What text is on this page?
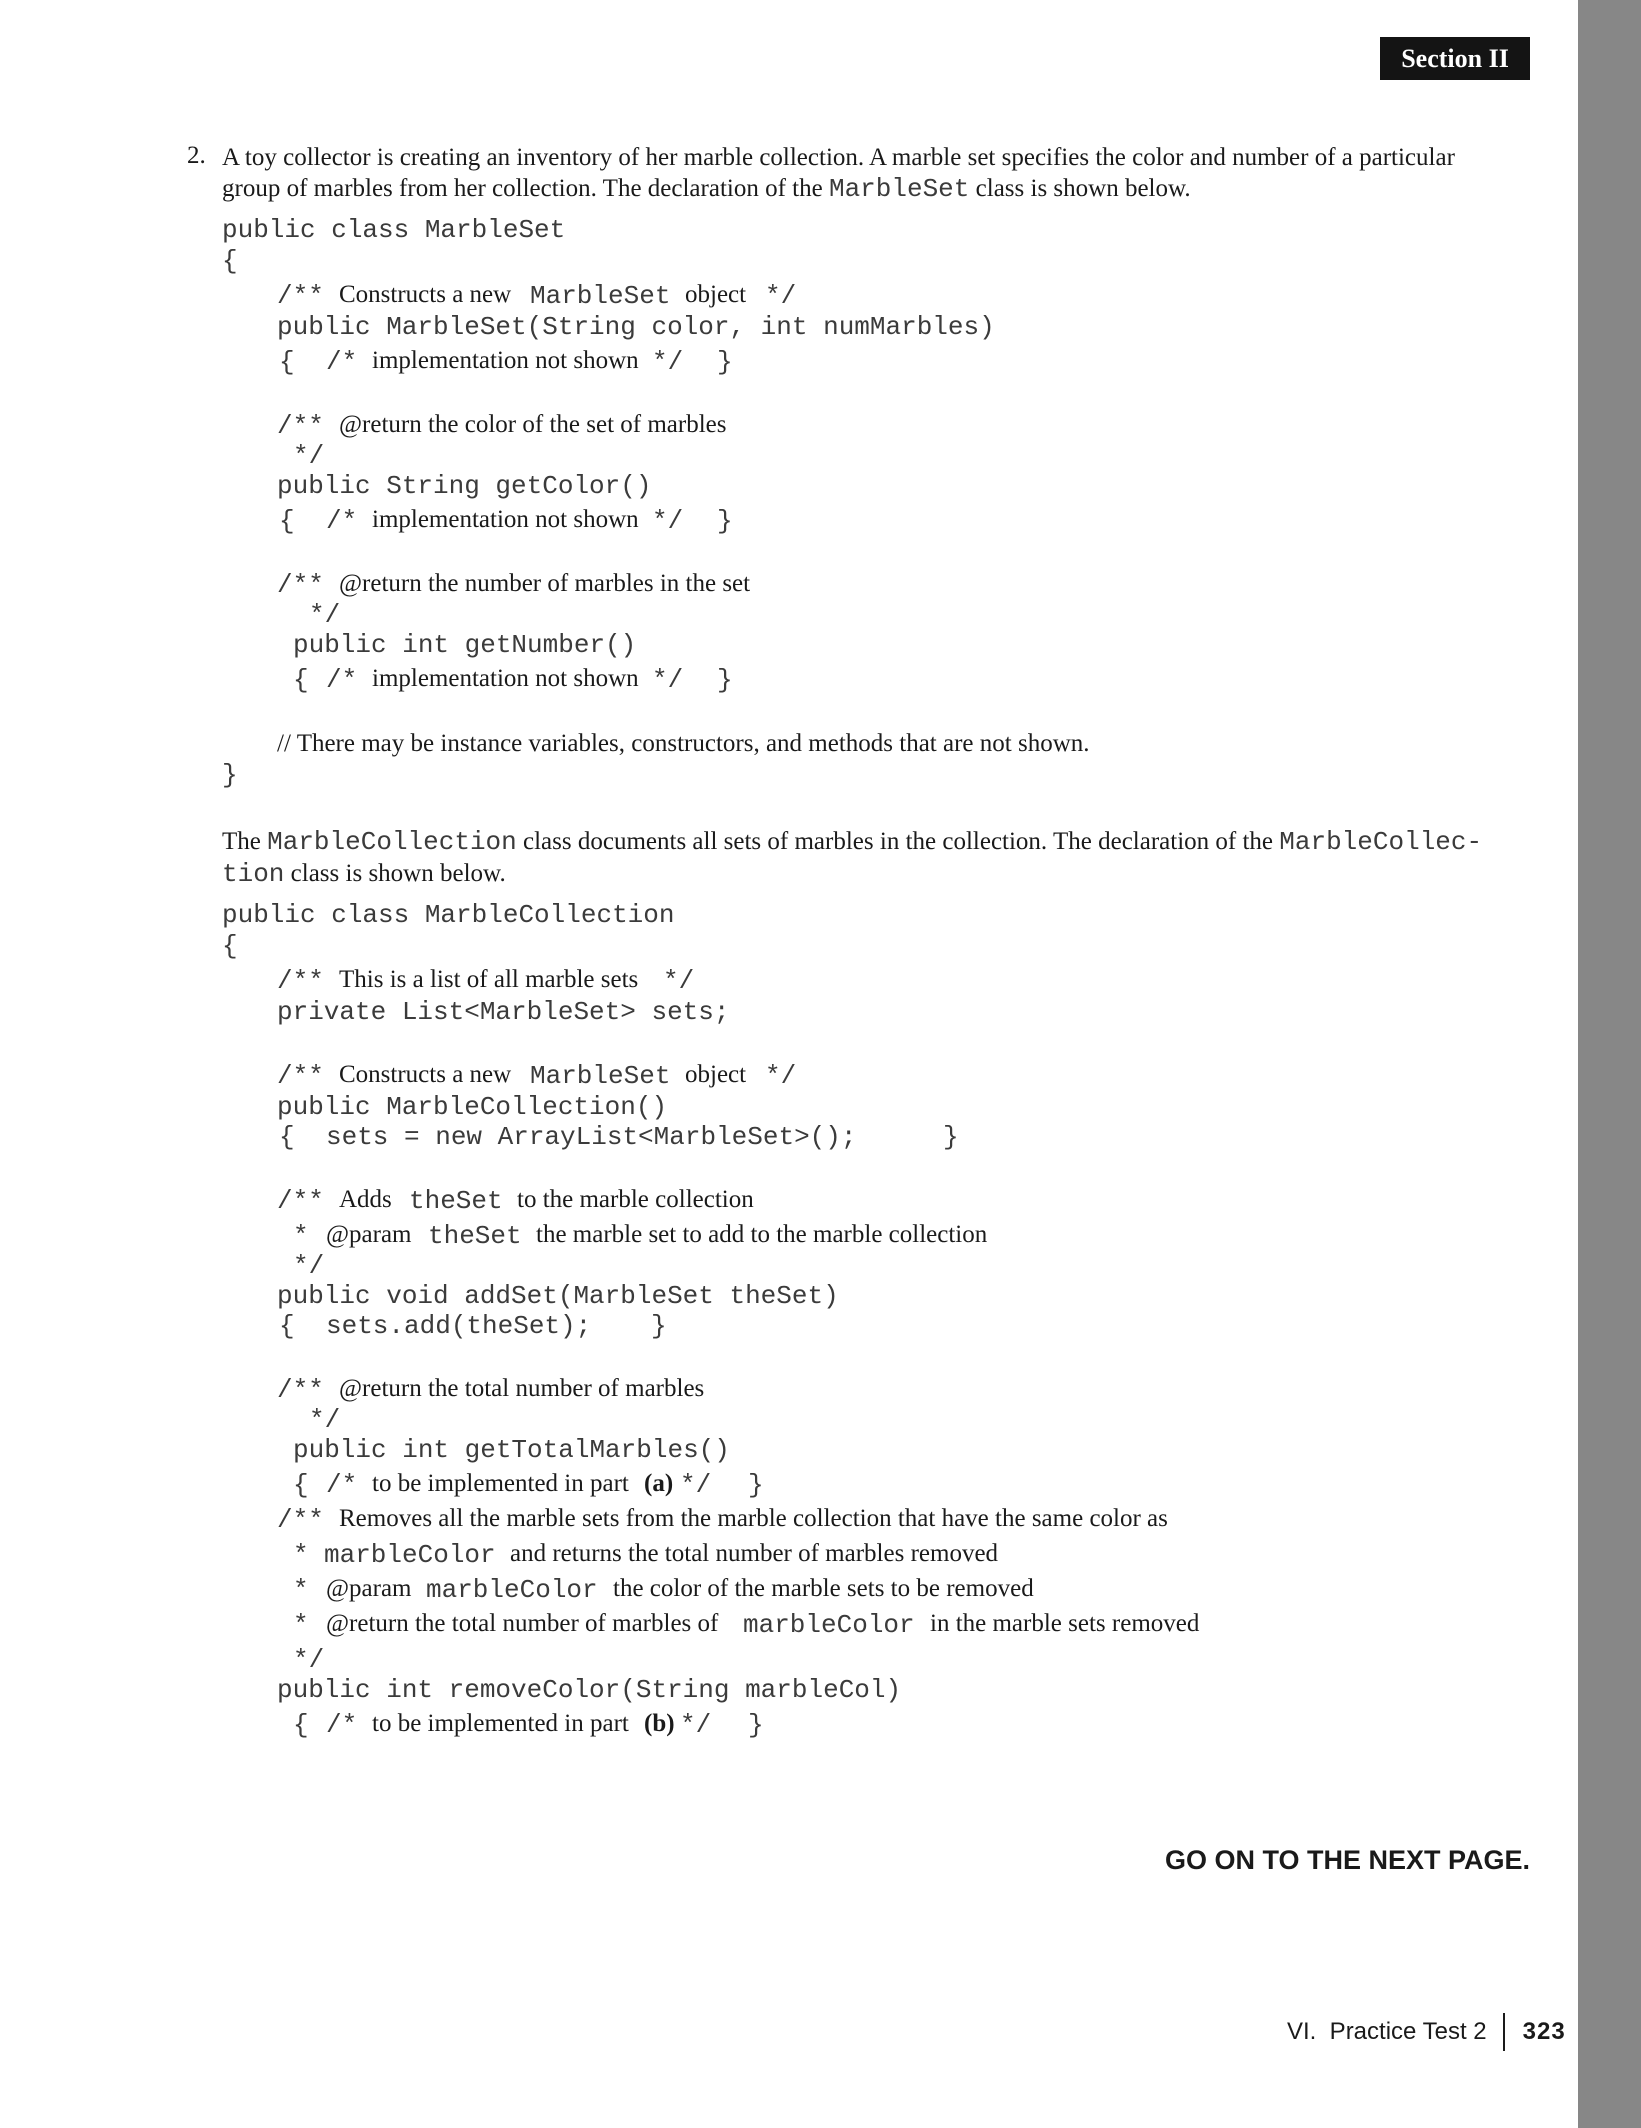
Section II
2. A toy collector is creating an inventory of her marble collection. A marble set specifies the color and number of a particular
group of marbles from her collection. The declaration of the MarbleSet class is shown below.
public class MarbleSet
{
/** Constructs a new MarbleSet object */
public MarbleSet(String color, int numMarbles)
{ /* implementation not shown */ }
/** @return the color of the set of marbles
*/
public String getColor()
{ /* implementation not shown */ }
/** @return the number of marbles in the set
*/
public int getNumber()
{ /* implementation not shown */ }
// There may be instance variables, constructors, and methods that are not shown.
}
The MarbleCollection class documents all sets of marbles in the collection. The declaration of the MarbleCollec-
tion class is shown below.
public class MarbleCollection
{
/** This is a list of all marble sets */
private List<MarbleSet> sets;
/** Constructs a new MarbleSet object */
public MarbleCollection()
{ sets = new ArrayList<MarbleSet>();	}
/** Adds theSet to the marble collection
* @param theSet the marble set to add to the marble collection
*/
public void addSet(MarbleSet theSet)
{ sets.add(theSet); }
/** @return the total number of marbles
*/
public int getTotalMarbles()
{ /* to be implemented in part (a) */ }
/** Removes all the marble sets from the marble collection that have the same color as
* marbleColor and returns the total number of marbles removed
* @param marbleColor the color of the marble sets to be removed
* @return the total number of marbles of marbleColor in the marble sets removed
*/
public int removeColor(String marbleCol)
{ /* to be implemented in part (b) */ }
GO ON TO THE NEXT PAGE.
VI.  Practice Test 2 323
